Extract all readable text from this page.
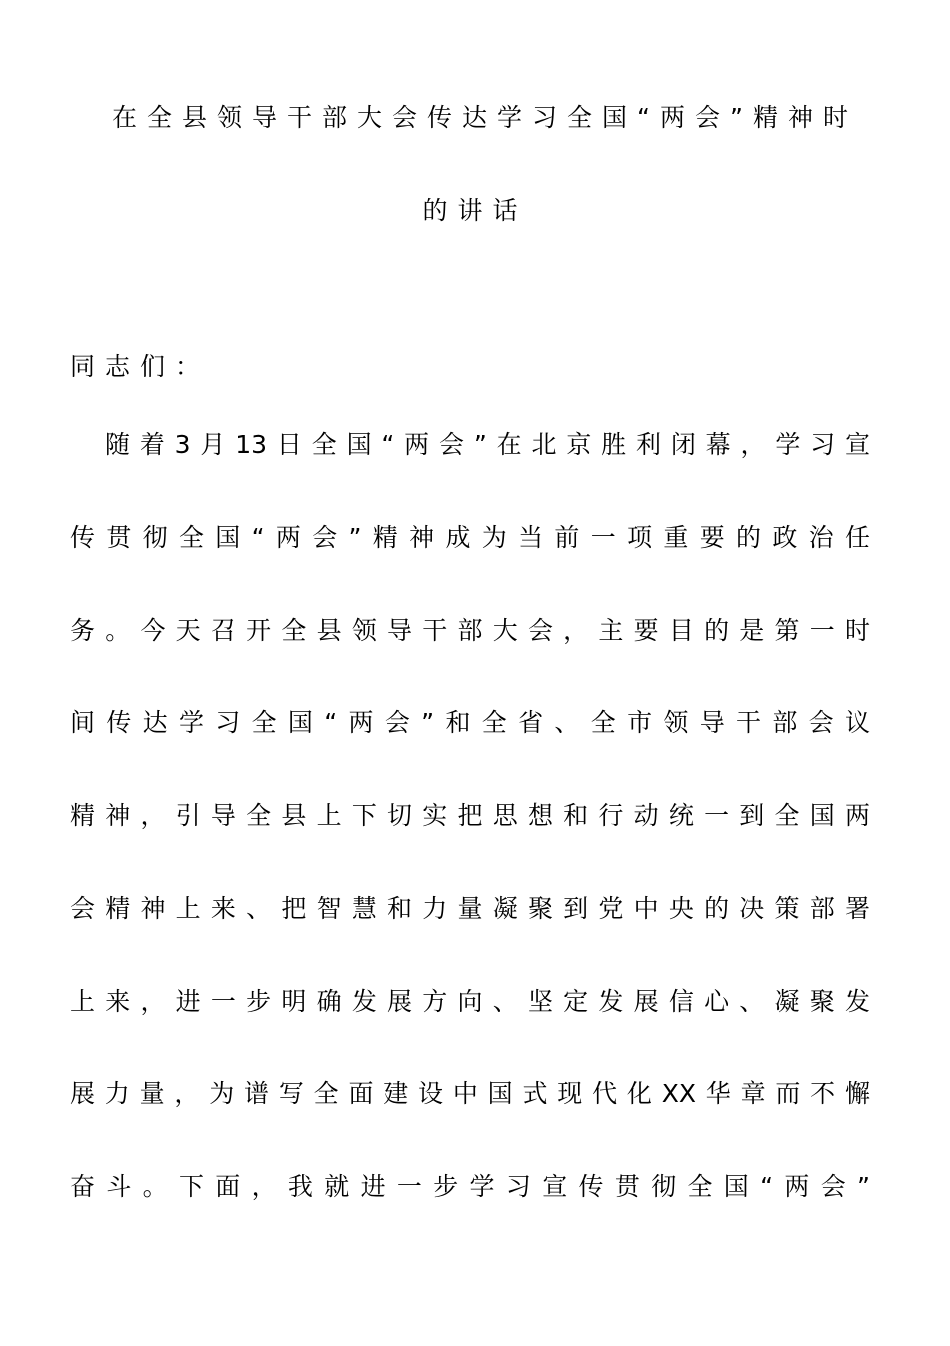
在全县领导干部大会传达学习全国“两会”精神时
的讲话
同志们：
随着3月13日全国“两会”在北京胜利闭幕，学习宣
传贯彻全国“两会”精神成为当前一项重要的政治任
务。今天召开全县领导干部大会，主要目的是第一时
间传达学习全国“两会”和全省、全市领导干部会议
精神，引导全县上下切实把思想和行动统一到全国两
会精神上来、把智慧和力量凝聚到党中央的决策部署
上来，进一步明确发展方向、坚定发展信心、凝聚发
展力量，为谱写全面建设中国式现代化XX华章而不懈
奋斗。下面，我就进一步学习宣传贯彻全国“两会”
